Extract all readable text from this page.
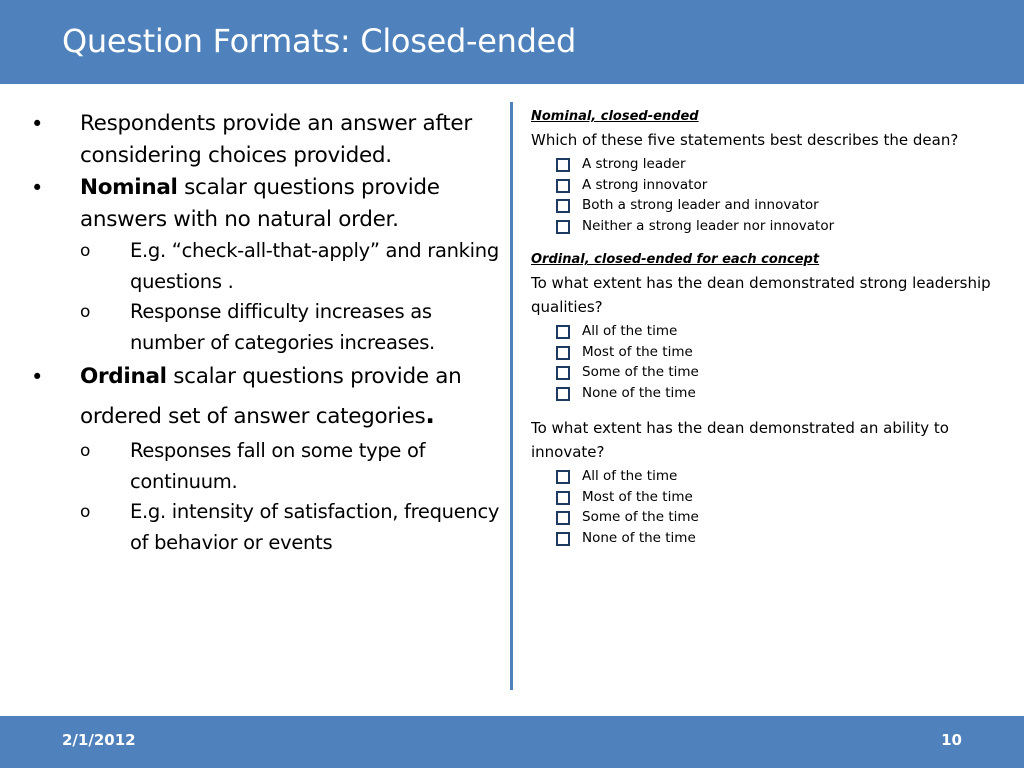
Question Formats: Closed-ended
• Respondents provide an answer after considering choices provided.
• Nominal scalar questions provide answers with no natural order.
o E.g. “check-all-that-apply” and ranking questions .
o Response difficulty increases as number of categories increases.
• Ordinal scalar questions provide an ordered set of answer categories.
o Responses fall on some type of continuum.
o E.g. intensity of satisfaction, frequency of behavior or events
Nominal, closed-ended
Which of these five statements best describes the dean?
A strong leader
A strong innovator
Both a strong leader and innovator
Neither a strong leader nor innovator
Ordinal, closed-ended for each concept
To what extent has the dean demonstrated strong leadership qualities?
All of the time
Most of the time
Some of the time
None of the time
To what extent has the dean demonstrated an ability to innovate?
All of the time
Most of the time
Some of the time
None of the time
2/1/2012	10
